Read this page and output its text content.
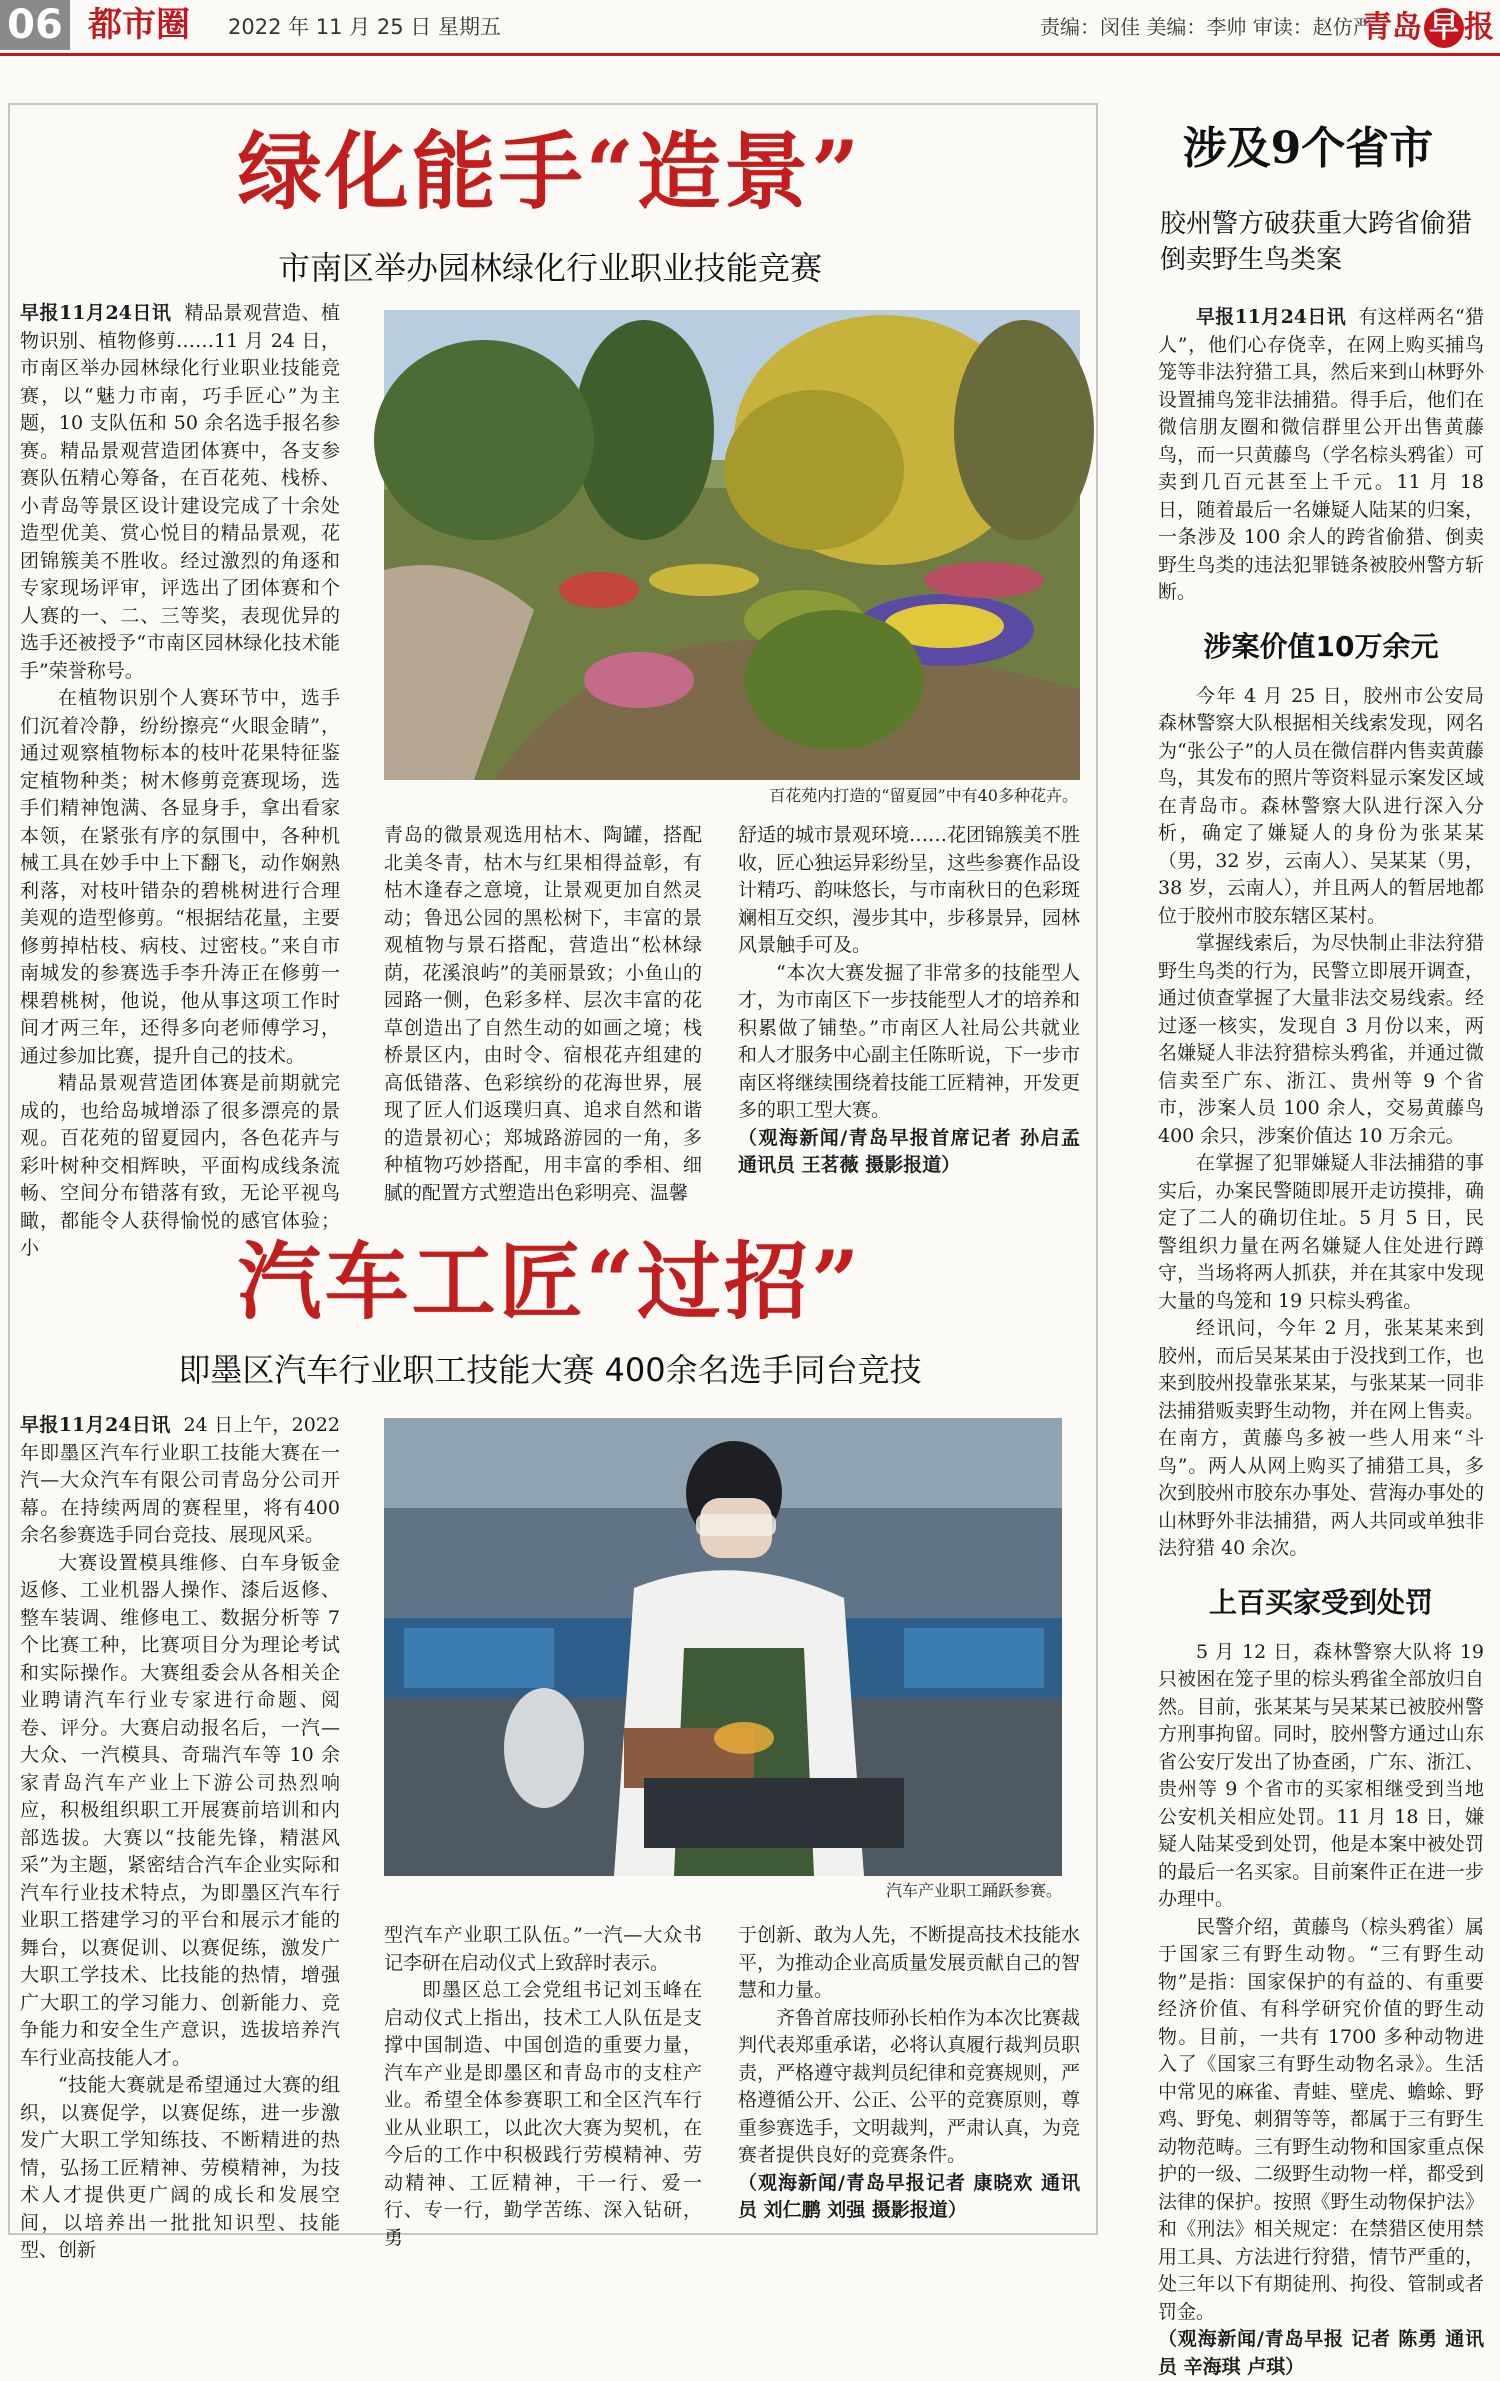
06 都市圈 2022 年 11 月 25 日 星期五	责编：闵佳 美编：李帅 审读：赵仿严
青岛 早 报
绿化能手“造景”
市南区举办园林绿化行业职业技能竞赛

早报11月24日讯 精品景观营造、植物识别、植物修剪……11 月 24 日，市南区举办园林绿化行业职业技能竞赛，以“魅力市南，巧手匠心”为主题，10 支队伍和 50 余名选手报名参赛。精品景观营造团体赛中，各支参赛队伍精心筹备，在百花苑、栈桥、小青岛等景区设计建设完成了十余处造型优美、赏心悦目的精品景观，花团锦簇美不胜收。经过激烈的角逐和专家现场评审，评选出了团体赛和个人赛的一、二、三等奖，表现优异的选手还被授予“市南区园林绿化技术能手”荣誉称号。

在植物识别个人赛环节中，选手们沉着冷静，纷纷擦亮“火眼金睛”，通过观察植物标本的枝叶花果特征鉴定植物种类；树木修剪竞赛现场，选手们精神饱满、各显身手，拿出看家本领，在紧张有序的氛围中，各种机械工具在妙手中上下翻飞，动作娴熟利落，对枝叶错杂的碧桃树进行合理美观的造型修剪。“根据结花量，主要修剪掉枯枝、病枝、过密枝。”来自市南城发的参赛选手李升涛正在修剪一棵碧桃树，他说，他从事这项工作时间才两三年，还得多向老师傅学习，通过参加比赛，提升自己的技术。

精品景观营造团体赛是前期就完成的，也给岛城增添了很多漂亮的景观。百花苑的留夏园内，各色花卉与彩叶树种交相辉映，平面构成线条流畅、空间分布错落有致，无论平视鸟瞰，都能令人获得愉悦的感官体验；小

百花苑内打造的“留夏园”中有40多种花卉。

青岛的微景观选用枯木、陶罐，搭配北美冬青，枯木与红果相得益彰，有枯木逢春之意境，让景观更加自然灵动；鲁迅公园的黑松树下，丰富的景观植物与景石搭配，营造出“松林绿荫，花溪浪屿”的美丽景致；小鱼山的园路一侧，色彩多样、层次丰富的花草创造出了自然生动的如画之境；栈桥景区内，由时令、宿根花卉组建的高低错落、色彩缤纷的花海世界，展现了匠人们返璞归真、追求自然和谐的造景初心；郑城路游园的一角，多种植物巧妙搭配，用丰富的季相、细腻的配置方式塑造出色彩明亮、温馨

舒适的城市景观环境……花团锦簇美不胜收，匠心独运异彩纷呈，这些参赛作品设计精巧、韵味悠长，与市南秋日的色彩斑斓相互交织，漫步其中，步移景异，园林风景触手可及。

“本次大赛发掘了非常多的技能型人才，为市南区下一步技能型人才的培养和积累做了铺垫。”市南区人社局公共就业和人才服务中心副主任陈昕说，下一步市南区将继续围绕着技能工匠精神，开发更多的职工型大赛。

（观海新闻/青岛早报首席记者 孙启孟 通讯员 王茗薇 摄影报道）

汽车工匠“过招”
即墨区汽车行业职工技能大赛 400余名选手同台竞技

早报11月24日讯 24 日上午，2022 年即墨区汽车行业职工技能大赛在一汽—大众汽车有限公司青岛分公司开幕。在持续两周的赛程里，将有400余名参赛选手同台竞技、展现风采。

大赛设置模具维修、白车身钣金返修、工业机器人操作、漆后返修、整车装调、维修电工、数据分析等 7 个比赛工种，比赛项目分为理论考试和实际操作。大赛组委会从各相关企业聘请汽车行业专家进行命题、阅卷、评分。大赛启动报名后，一汽—大众、一汽模具、奇瑞汽车等 10 余家青岛汽车产业上下游公司热烈响应，积极组织职工开展赛前培训和内部选拔。大赛以“技能先锋，精湛风采”为主题，紧密结合汽车企业实际和汽车行业技术特点，为即墨区汽车行业职工搭建学习的平台和展示才能的舞台，以赛促训、以赛促练，激发广大职工学技术、比技能的热情，增强广大职工的学习能力、创新能力、竞争能力和安全生产意识，选拔培养汽车行业高技能人才。

“技能大赛就是希望通过大赛的组织，以赛促学，以赛促练，进一步激发广大职工学知练技、不断精进的热情，弘扬工匠精神、劳模精神，为技术人才提供更广阔的成长和发展空间，以培养出一批批知识型、技能型、创新

汽车产业职工踊跃参赛。

型汽车产业职工队伍。”一汽—大众书记李研在启动仪式上致辞时表示。

即墨区总工会党组书记刘玉峰在启动仪式上指出，技术工人队伍是支撑中国制造、中国创造的重要力量，汽车产业是即墨区和青岛市的支柱产业。希望全体参赛职工和全区汽车行业从业职工，以此次大赛为契机，在今后的工作中积极践行劳模精神、劳动精神、工匠精神，干一行、爱一行、专一行，勤学苦练、深入钻研，勇

于创新、敢为人先，不断提高技术技能水平，为推动企业高质量发展贡献自己的智慧和力量。

齐鲁首席技师孙长柏作为本次比赛裁判代表郑重承诺，必将认真履行裁判员职责，严格遵守裁判员纪律和竞赛规则，严格遵循公开、公正、公平的竞赛原则，尊重参赛选手，文明裁判，严肃认真，为竞赛者提供良好的竞赛条件。

（观海新闻/青岛早报记者 康晓欢 通讯员 刘仁鹏 刘强 摄影报道）

涉及9个省市
胶州警方破获重大跨省偷猎倒卖野生鸟类案

早报11月24日讯 有这样两名“猎人”，他们心存侥幸，在网上购买捕鸟笼等非法狩猎工具，然后来到山林野外设置捕鸟笼非法捕猎。得手后，他们在微信朋友圈和微信群里公开出售黄藤鸟，而一只黄藤鸟（学名棕头鸦雀）可卖到几百元甚至上千元。11 月 18 日，随着最后一名嫌疑人陆某的归案，一条涉及 100 余人的跨省偷猎、倒卖野生鸟类的违法犯罪链条被胶州警方斩断。

涉案价值10万余元

今年 4 月 25 日，胶州市公安局森林警察大队根据相关线索发现，网名为“张公子”的人员在微信群内售卖黄藤鸟，其发布的照片等资料显示案发区域在青岛市。森林警察大队进行深入分析，确定了嫌疑人的身份为张某某（男，32 岁，云南人）、吴某某（男，38 岁，云南人），并且两人的暂居地都位于胶州市胶东辖区某村。

掌握线索后，为尽快制止非法狩猎野生鸟类的行为，民警立即展开调查，通过侦查掌握了大量非法交易线索。经过逐一核实，发现自 3 月份以来，两名嫌疑人非法狩猎棕头鸦雀，并通过微信卖至广东、浙江、贵州等 9 个省市，涉案人员 100 余人，交易黄藤鸟 400 余只，涉案价值达 10 万余元。

在掌握了犯罪嫌疑人非法捕猎的事实后，办案民警随即展开走访摸排，确定了二人的确切住址。5 月 5 日，民警组织力量在两名嫌疑人住处进行蹲守，当场将两人抓获，并在其家中发现大量的鸟笼和 19 只棕头鸦雀。

经讯问，今年 2 月，张某某来到胶州，而后吴某某由于没找到工作，也来到胶州投靠张某某，与张某某一同非法捕猎贩卖野生动物，并在网上售卖。在南方，黄藤鸟多被一些人用来“斗鸟”。两人从网上购买了捕猎工具，多次到胶州市胶东办事处、营海办事处的山林野外非法捕猎，两人共同或单独非法狩猎 40 余次。

上百买家受到处罚

5 月 12 日，森林警察大队将 19 只被困在笼子里的棕头鸦雀全部放归自然。目前，张某某与吴某某已被胶州警方刑事拘留。同时，胶州警方通过山东省公安厅发出了协查函，广东、浙江、贵州等 9 个省市的买家相继受到当地公安机关相应处罚。11 月 18 日，嫌疑人陆某受到处罚，他是本案中被处罚的最后一名买家。目前案件正在进一步办理中。

民警介绍，黄藤鸟（棕头鸦雀）属于国家三有野生动物。“三有野生动物”是指：国家保护的有益的、有重要经济价值、有科学研究价值的野生动物。目前，一共有 1700 多种动物进入了《国家三有野生动物名录》。生活中常见的麻雀、青蛙、壁虎、蟾蜍、野鸡、野兔、刺猬等等，都属于三有野生动物范畴。三有野生动物和国家重点保护的一级、二级野生动物一样，都受到法律的保护。按照《野生动物保护法》和《刑法》相关规定：在禁猎区使用禁用工具、方法进行狩猎，情节严重的，处三年以下有期徒刑、拘役、管制或者罚金。

（观海新闻/青岛早报 记者 陈勇 通讯员 辛海琪 卢琪）
